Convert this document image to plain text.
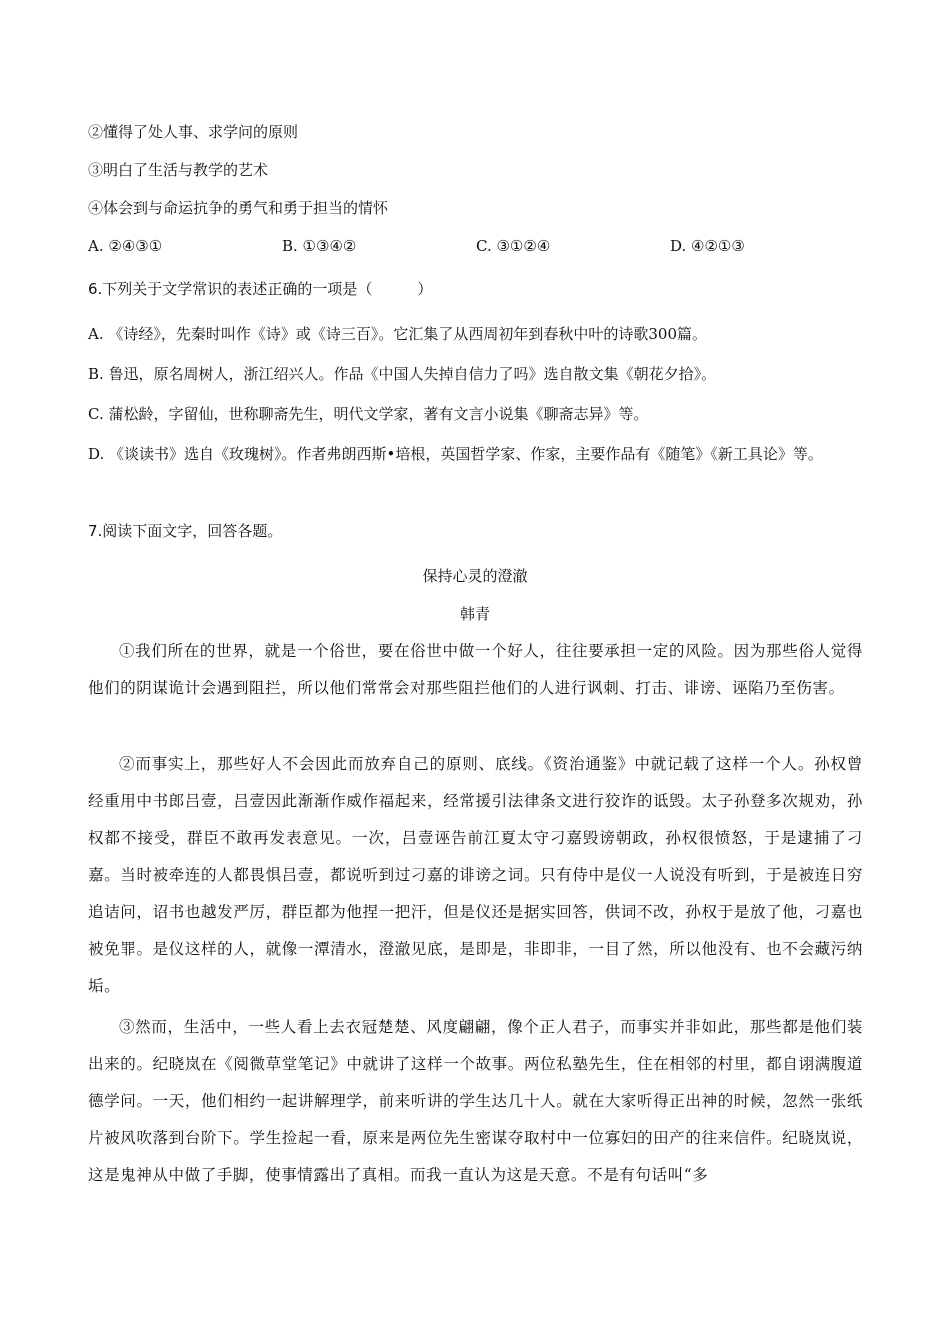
②懂得了处人事、求学问的原则
③明白了生活与教学的艺术
④体会到与命运抗争的勇气和勇于担当的情怀
A. ②④③①	B. ①③④②	C. ③①②④	D. ④②①③
6.下列关于文学常识的表述正确的一项是（　　　）
A. 《诗经》，先秦时叫作《诗》或《诗三百》。它汇集了从西周初年到春秋中叶的诗歌300篇。
B. 鲁迅，原名周树人，浙江绍兴人。作品《中国人失掉自信力了吗》选自散文集《朝花夕拾》。
C. 蒲松龄，字留仙，世称聊斋先生，明代文学家，著有文言小说集《聊斋志异》等。
D. 《谈读书》选自《玫瑰树》。作者弗朗西斯•培根，英国哲学家、作家，主要作品有《随笔》《新工具论》等。
7.阅读下面文字，回答各题。
保持心灵的澄澈
韩青
①我们所在的世界，就是一个俗世，要在俗世中做一个好人，往往要承担一定的风险。因为那些俗人觉得他们的阴谋诡计会遇到阻拦，所以他们常常会对那些阻拦他们的人进行讽刺、打击、诽谤、诬陷乃至伤害。
②而事实上，那些好人不会因此而放弃自己的原则、底线。《资治通鉴》中就记载了这样一个人。孙权曾经重用中书郎吕壹，吕壹因此渐渐作威作福起来，经常援引法律条文进行狡诈的诋毁。太子孙登多次规劝，孙权都不接受，群臣不敢再发表意见。一次，吕壹诬告前江夏太守刁嘉毁谤朝政，孙权很愤怒，于是逮捕了刁嘉。当时被牵连的人都畏惧吕壹，都说听到过刁嘉的诽谤之词。只有侍中是仪一人说没有听到，于是被连日穷追诘问，诏书也越发严厉，群臣都为他捏一把汗，但是仪还是据实回答，供词不改，孙权于是放了他，刁嘉也被免罪。是仪这样的人，就像一潭清水，澄澈见底，是即是，非即非，一目了然，所以他没有、也不会藏污纳垢。
③然而，生活中，一些人看上去衣冠楚楚、风度翩翩，像个正人君子，而事实并非如此，那些都是他们装出来的。纪晓岚在《阅微草堂笔记》中就讲了这样一个故事。两位私塾先生，住在相邻的村里，都自诩满腹道德学问。一天，他们相约一起讲解理学，前来听讲的学生达几十人。就在大家听得正出神的时候，忽然一张纸片被风吹落到台阶下。学生捡起一看，原来是两位先生密谋夺取村中一位寡妇的田产的往来信件。纪晓岚说，这是鬼神从中做了手脚，使事情露出了真相。而我一直认为这是天意。不是有句话叫“多
